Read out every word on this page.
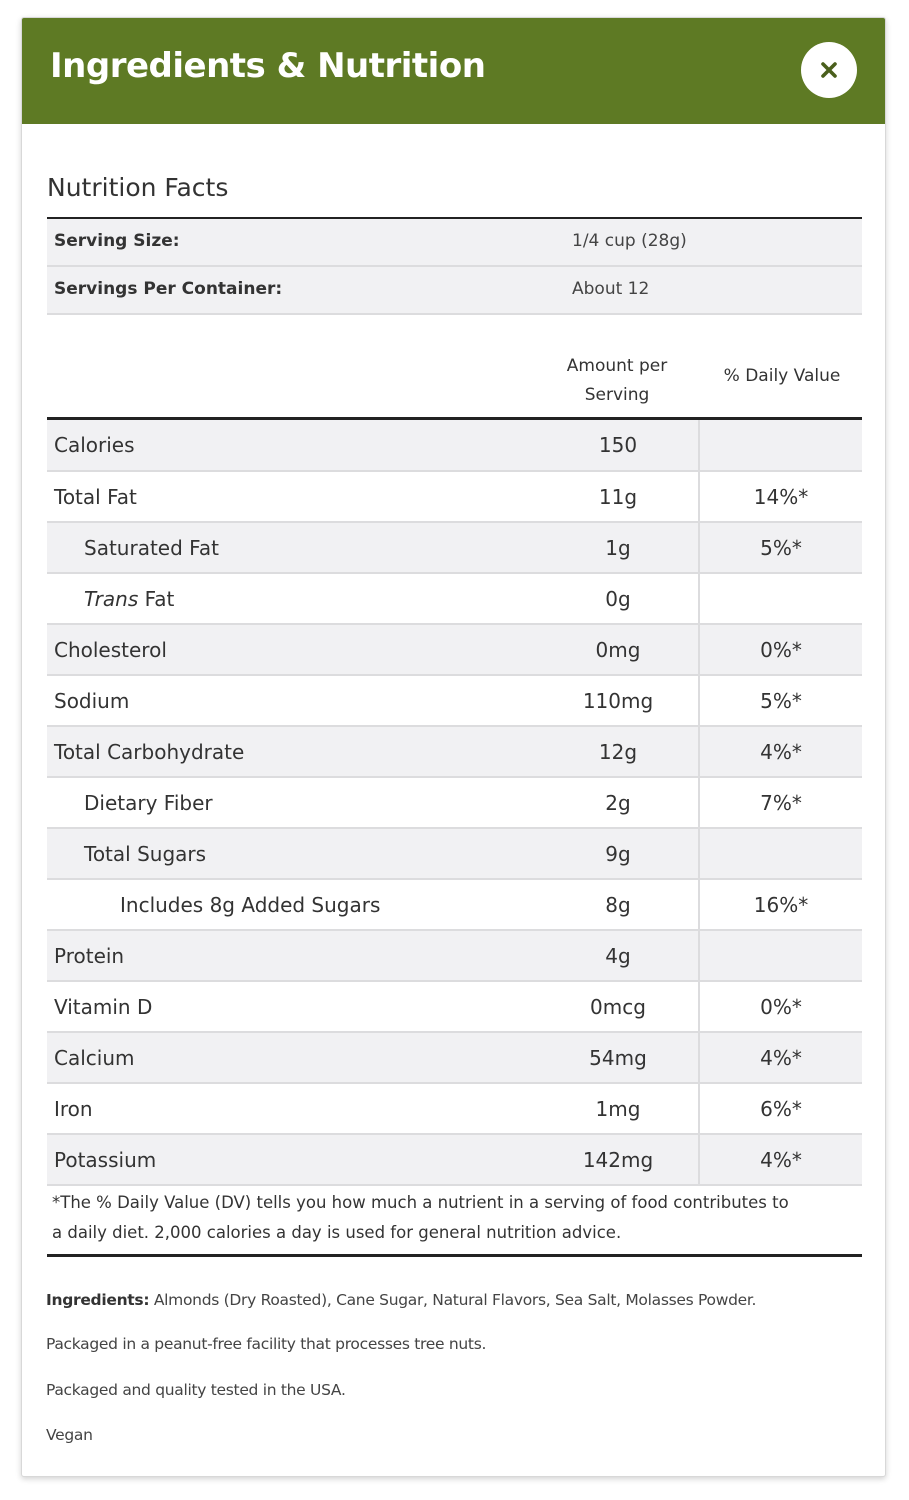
Ingredients & Nutrition
Nutrition Facts
Serving Size:	1/4 cup (28g)
Servings Per Container:	About 12
Amount per
Serving
% Daily Value
Calories	150	
Total Fat	11g	14%*
Saturated Fat	1g	5%*
Trans Fat	0g	
Cholesterol	0mg	0%*
Sodium	110mg	5%*
Total Carbohydrate	12g	4%*
Dietary Fiber	2g	7%*
Total Sugars	9g	
Includes 8g Added Sugars	8g	16%*
Protein	4g	
Vitamin D	0mcg	0%*
Calcium	54mg	4%*
Iron	1mg	6%*
Potassium	142mg	4%*
*The % Daily Value (DV) tells you how much a nutrient in a serving of food contributes to
a daily diet. 2,000 calories a day is used for general nutrition advice.

Ingredients: Almonds (Dry Roasted), Cane Sugar, Natural Flavors, Sea Salt, Molasses Powder.

Packaged in a peanut-free facility that processes tree nuts.

Packaged and quality tested in the USA.

Vegan
